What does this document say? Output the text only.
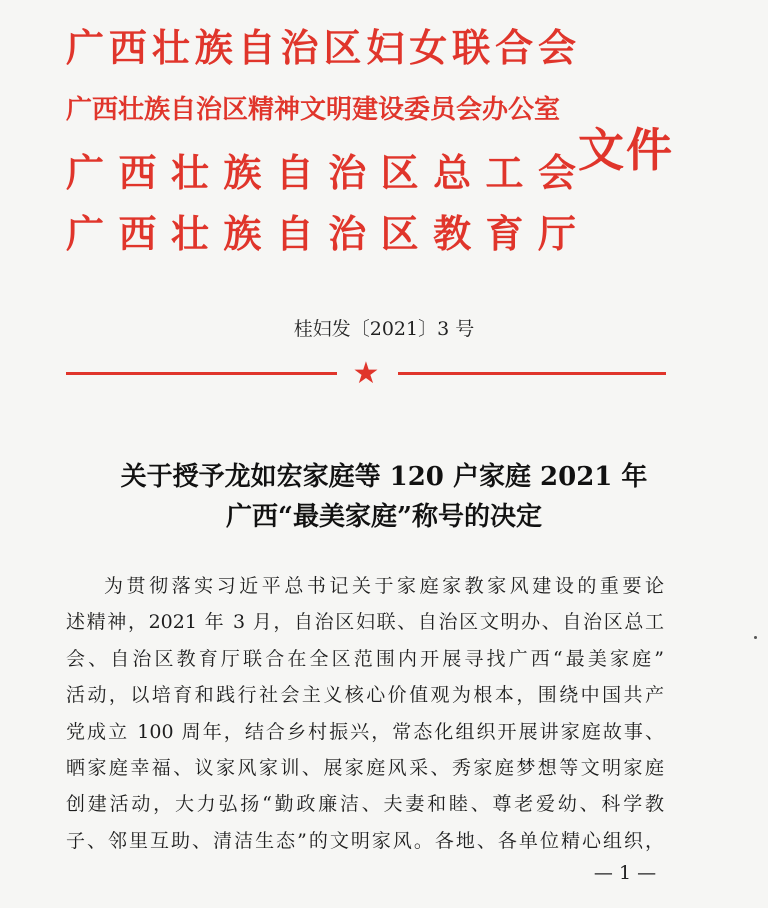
广西壮族自治区妇女联合会
广西壮族自治区精神文明建设委员会办公室
广西壮族自治区总工会
广西壮族自治区教育厅
文件
桂妇发〔2021〕3 号
★
关于授予龙如宏家庭等 120 户家庭 2021 年
广西“最美家庭”称号的决定
为贯彻落实习近平总书记关于家庭家教家风建设的重要论
述精神，2021 年 3 月，自治区妇联、自治区文明办、自治区总工
会、自治区教育厅联合在全区范围内开展寻找广西“最美家庭”
活动，以培育和践行社会主义核心价值观为根本，围绕中国共产
党成立 100 周年，结合乡村振兴，常态化组织开展讲家庭故事、
晒家庭幸福、议家风家训、展家庭风采、秀家庭梦想等文明家庭
创建活动，大力弘扬“勤政廉洁、夫妻和睦、尊老爱幼、科学教
子、邻里互助、清洁生态”的文明家风。各地、各单位精心组织，
— 1 —
